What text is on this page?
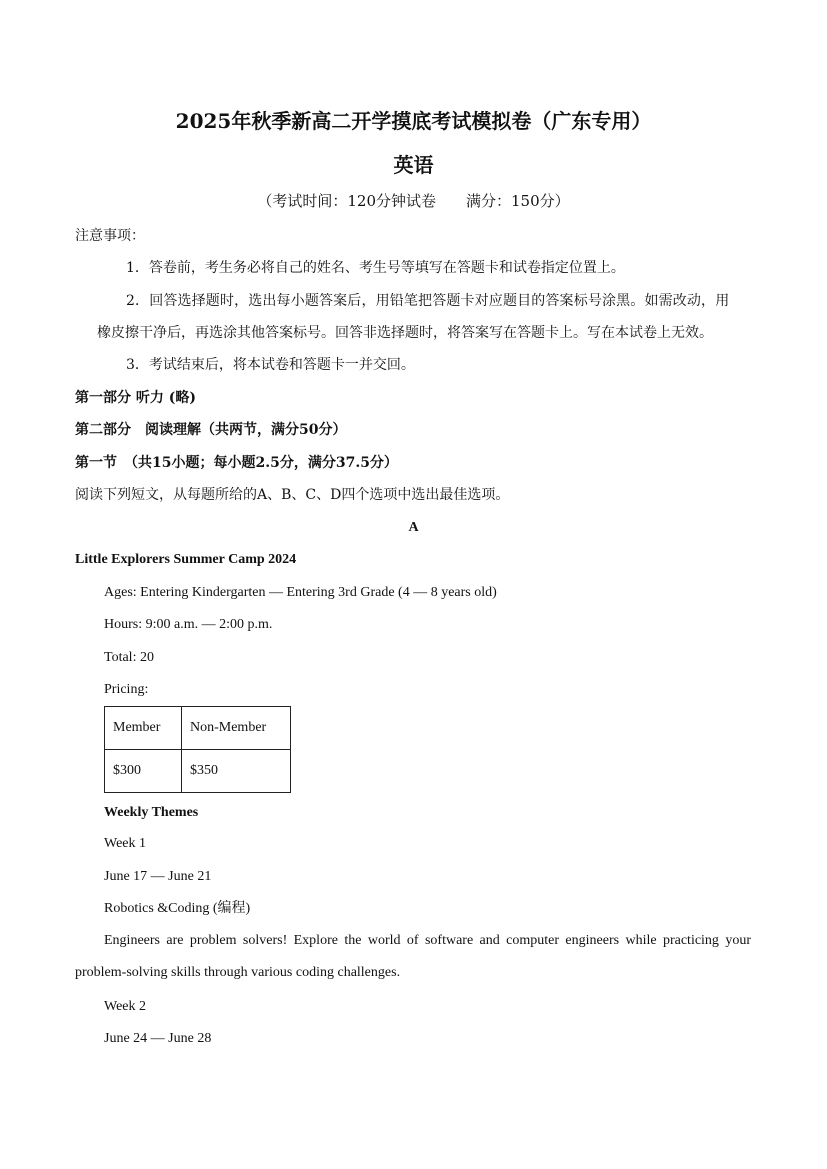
2025年秋季新高二开学摸底考试模拟卷（广东专用）
英语
（考试时间：120分钟试卷　　满分：150分）
注意事项：
1．答卷前，考生务必将自己的姓名、考生号等填写在答题卡和试卷指定位置上。
2．回答选择题时，选出每小题答案后，用铅笔把答题卡对应题目的答案标号涂黑。如需改动，用
橡皮擦干净后，再选涂其他答案标号。回答非选择题时，将答案写在答题卡上。写在本试卷上无效。
3．考试结束后，将本试卷和答题卡一并交回。
第一部分 听力 (略)
第二部分　阅读理解（共两节，满分50分）
第一节　（共15小题；每小题2.5分，满分37.5分）
阅读下列短文，从每题所给的A、B、C、D四个选项中选出最佳选项。
A
Little Explorers Summer Camp 2024
Ages: Entering Kindergarten — Entering 3rd Grade (4 — 8 years old)
Hours: 9:00 a.m. — 2:00 p.m.
Total: 20
Pricing:
Member	Non-Member
$300	$350
Weekly Themes
Week 1
June 17 — June 21
Robotics &Coding (编程)
Engineers are problem solvers! Explore the world of software and computer engineers while practicing your problem-solving skills through various coding challenges.
Week 2
June 24 — June 28
